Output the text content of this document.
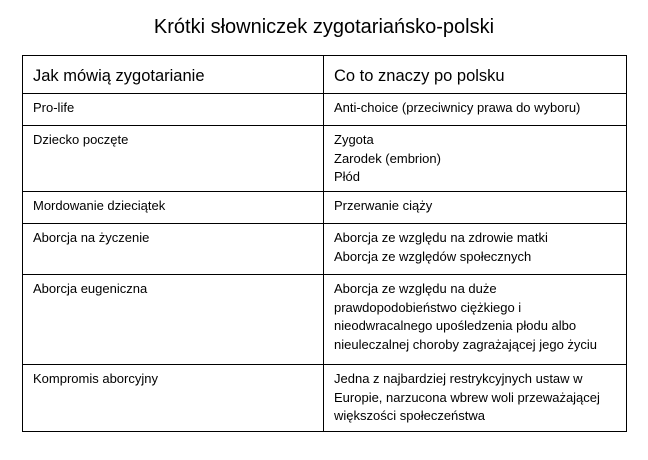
Krótki słowniczek zygotariańsko-polski
Jak mówią zygotarianie	Co to znaczy po polsku
Pro-life	Anti-choice (przeciwnicy prawa do wyboru)

Dziecko poczęte	Zygota
Zarodek (embrion)
Płód

Mordowanie dzieciątek	Przerwanie ciąży

Aborcja na życzenie	Aborcja ze względu na zdrowie matki
Aborcja ze względów społecznych

Aborcja eugeniczna	Aborcja ze względu na duże
prawdopodobieństwo ciężkiego i
nieodwracalnego upośledzenia płodu albo
nieuleczalnej choroby zagrażającej jego życiu

Kompromis aborcyjny	Jedna z najbardziej restrykcyjnych ustaw w
Europie, narzucona wbrew woli przeważającej
większości społeczeństwa
